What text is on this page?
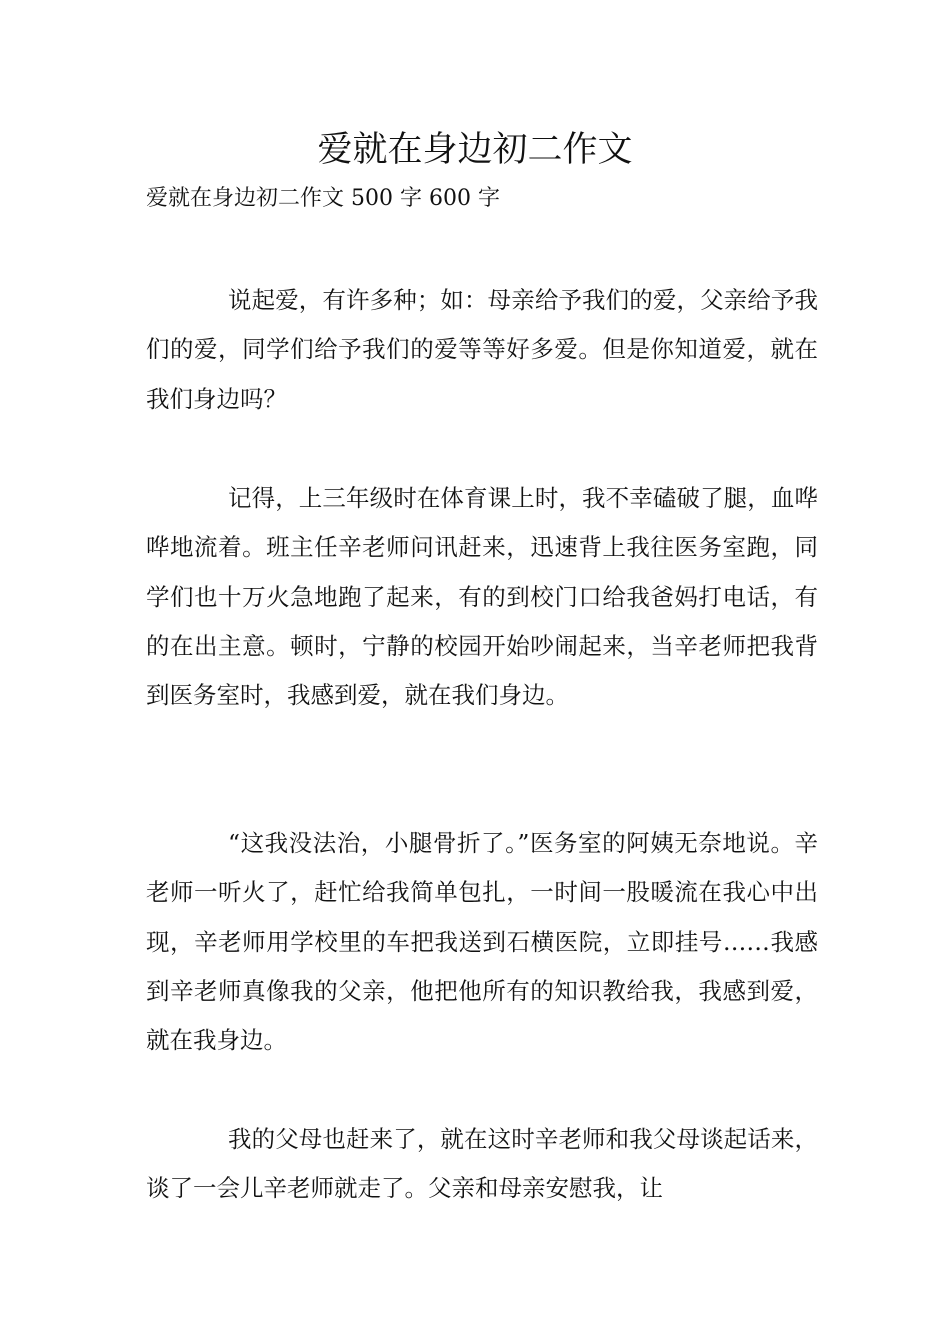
爱就在身边初二作文

爱就在身边初二作文 500 字 600 字

说起爱，有许多种；如：母亲给予我们的爱，父亲给予我们的爱，同学们给予我们的爱等等好多爱。但是你知道爱，就在我们身边吗？

记得，上三年级时在体育课上时，我不幸磕破了腿，血哗哗地流着。班主任辛老师问讯赶来，迅速背上我往医务室跑，同学们也十万火急地跑了起来，有的到校门口给我爸妈打电话，有的在出主意。顿时，宁静的校园开始吵闹起来，当辛老师把我背到医务室时，我感到爱，就在我们身边。

“这我没法治，小腿骨折了。”医务室的阿姨无奈地说。辛老师一听火了，赶忙给我简单包扎，一时间一股暖流在我心中出现，辛老师用学校里的车把我送到石横医院，立即挂号……我感到辛老师真像我的父亲，他把他所有的知识教给我，我感到爱，就在我身边。

我的父母也赶来了，就在这时辛老师和我父母谈起话来，谈了一会儿辛老师就走了。父亲和母亲安慰我，让
